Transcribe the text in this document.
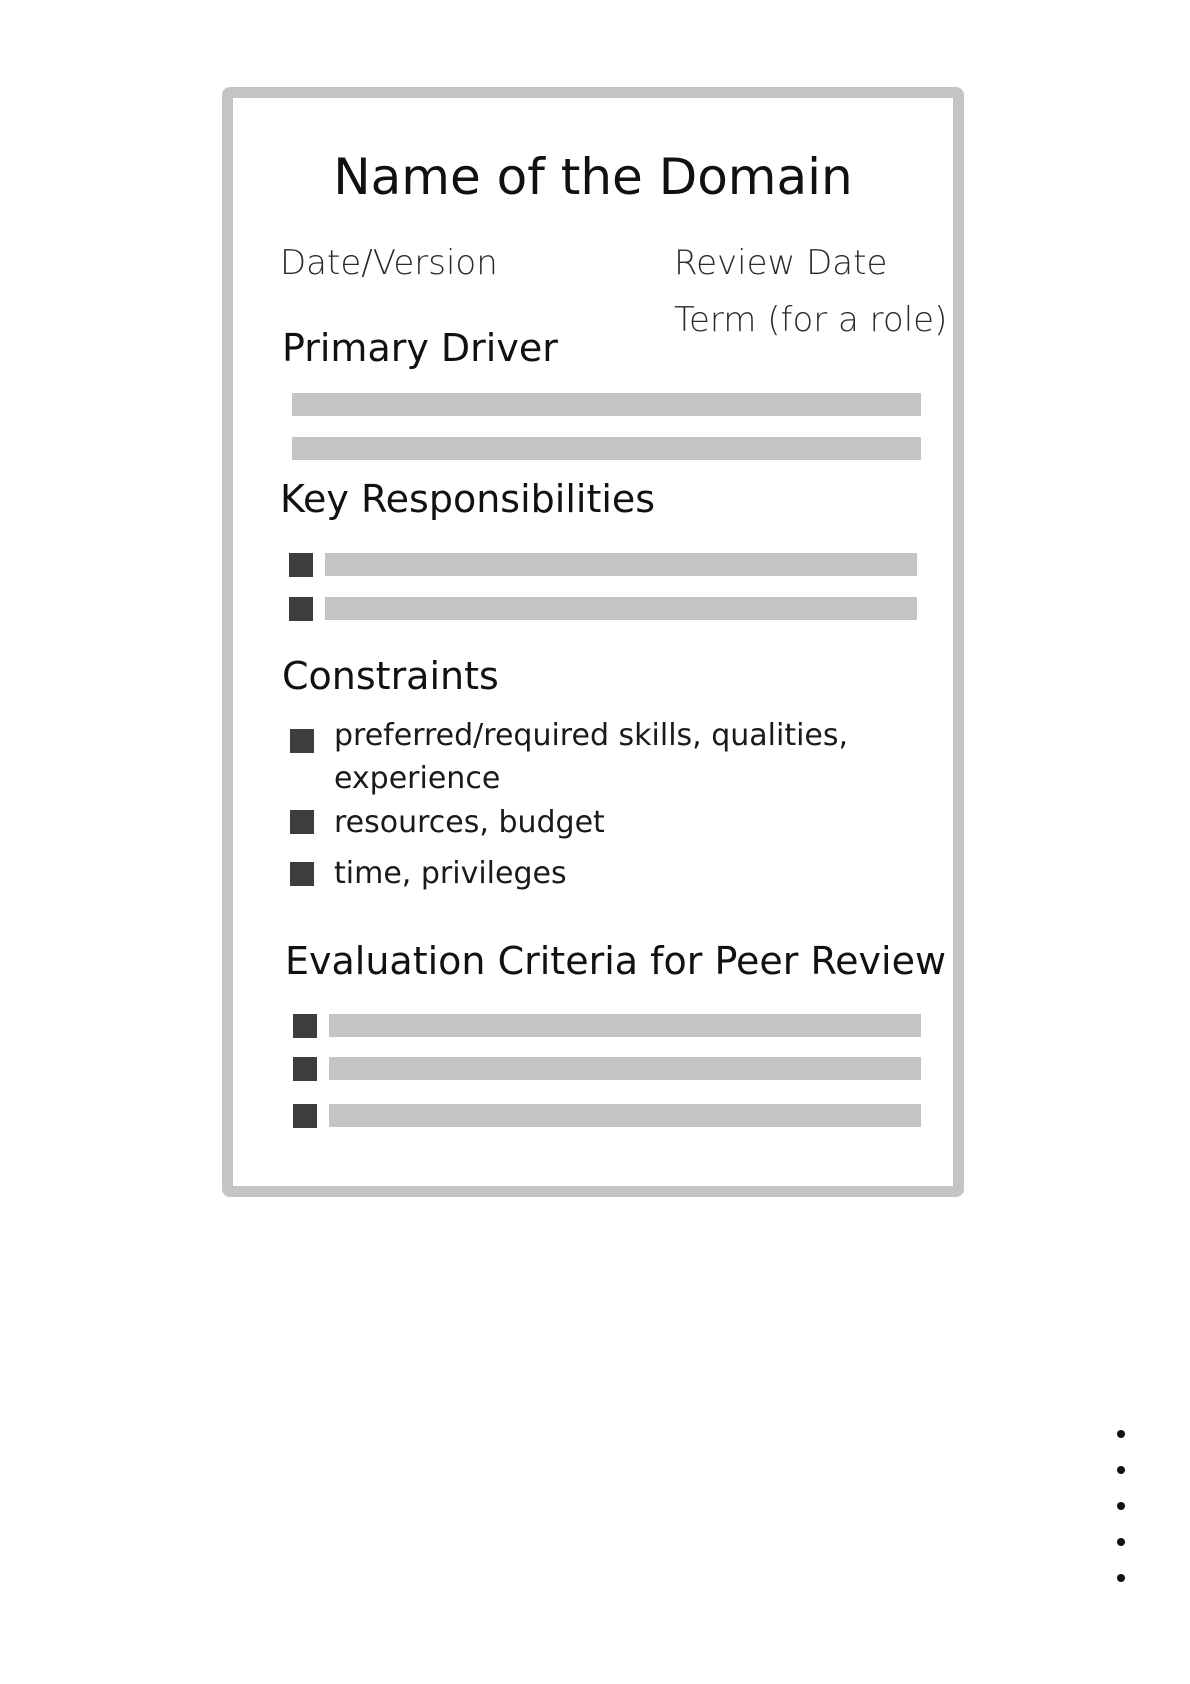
Name of the Domain
Date/Version	Review Date
Term (for a role)
Primary Driver
Key Responsibilities
Constraints
preferred/required skills, qualities,
experience
resources, budget
time, privileges
Evaluation Criteria for Peer Review
